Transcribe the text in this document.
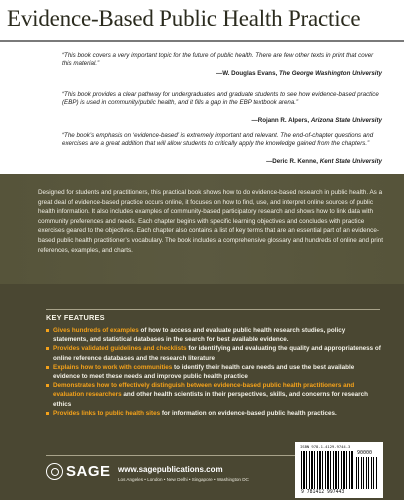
Evidence-Based Public Health Practice
“This book covers a very important topic for the future of public health. There are few other texts in print that cover this material.”
—W. Douglas Evans, The George Washington University
“This book provides a clear pathway for undergraduates and graduate students to see how evidence-based practice (EBP) is used in community/public health, and it fills a gap in the EBP textbook arena.”
—Rojann R. Alpers, Arizona State University
“The book’s emphasis on ‘evidence-based’ is extremely important and relevant. The end-of-chapter questions and exercises are a great addition that will allow students to critically apply the knowledge gained from the chapters.”
—Deric R. Kenne, Kent State University
Designed for students and practitioners, this practical book shows how to do evidence-based research in public health. As a great deal of evidence-based practice occurs online, it focuses on how to find, use, and interpret online sources of public health information. It also includes examples of community-based participatory research and shows how to link data with community preferences and needs. Each chapter begins with specific learning objectives and concludes with practice exercises geared to the objectives. Each chapter also contains a list of key terms that are an essential part of an evidence-based public health practitioner’s vocabulary. The book includes a comprehensive glossary and hundreds of online and print references, examples, and charts.
KEY FEATURES
Gives hundreds of examples of how to access and evaluate public health research studies, policy statements, and statistical databases in the search for best available evidence.
Provides validated guidelines and checklists for identifying and evaluating the quality and appropriateness of online reference databases and the research literature
Explains how to work with communities to identify their health care needs and use the best available evidence to meet these needs and improve public health practice
Demonstrates how to effectively distinguish between evidence-based public health practitioners and evaluation researchers and other health scientists in their perspectives, skills, and concerns for research ethics
Provides links to public health sites for information on evidence-based public health practices.
SAGE www.sagepublications.com
Los Angeles • London • New Delhi • Singapore • Washington DC
ISBN 978-1-4129-9744-3
90000
9 781412 997443
